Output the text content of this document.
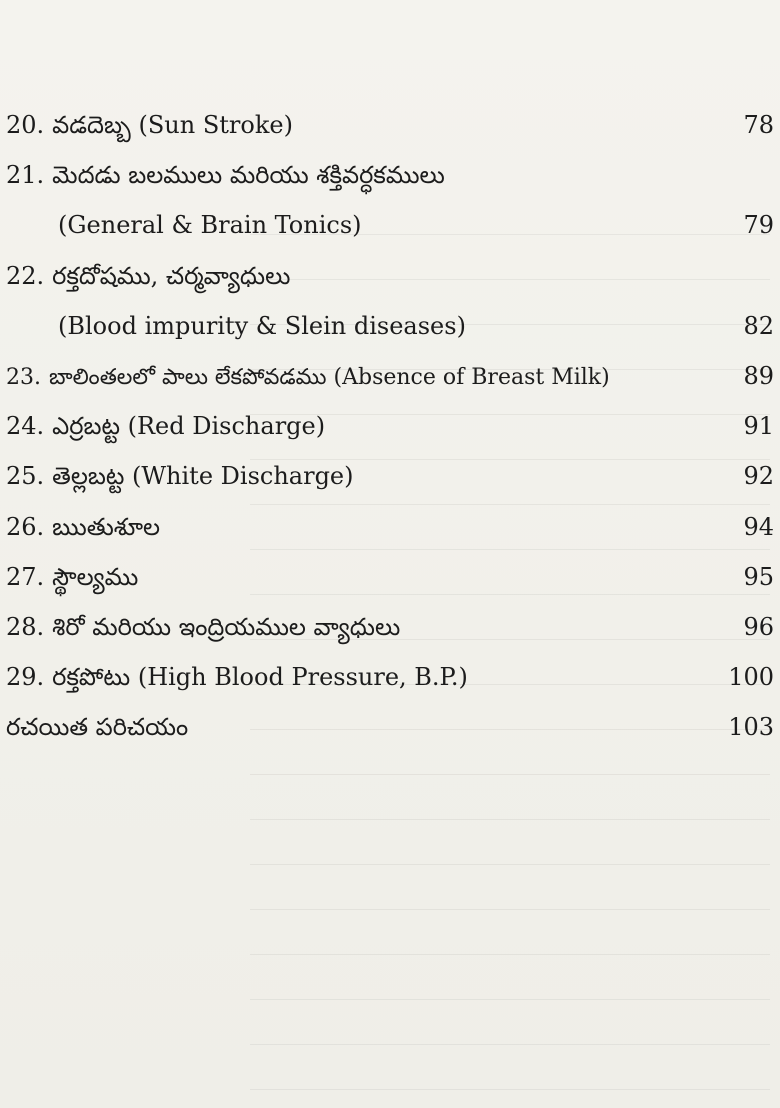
20. వడదెబ్బ (Sun Stroke)	78
21. మెదడు బలములు మరియు శక్తివర్ధకములు
(General & Brain Tonics)	79
22. రక్తదోషము, చర్మవ్యాధులు
(Blood impurity & Slein diseases)	82
23. బాలింతలలో పాలు లేకపోవడము (Absence of Breast Milk)	89
24. ఎర్రబట్ట (Red Discharge)	91
25. తెల్లబట్ట (White Discharge)	92
26. ఋతుశూల	94
27. స్థౌల్యము	95
28. శిరో మరియు ఇంద్రియముల వ్యాధులు	96
29. రక్తపోటు (High Blood Pressure, B.P.)	100
రచయిత పరిచయం	103
